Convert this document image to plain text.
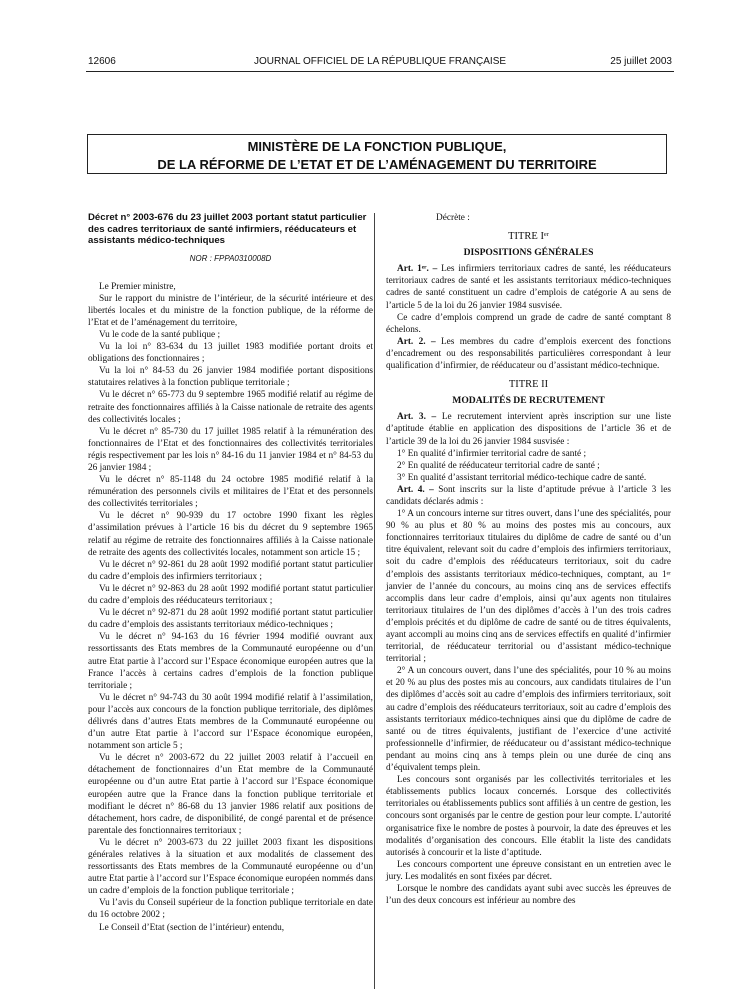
12606	JOURNAL OFFICIEL DE LA RÉPUBLIQUE FRANÇAISE	25 juillet 2003
MINISTÈRE DE LA FONCTION PUBLIQUE,
DE LA RÉFORME DE L’ETAT ET DE L’AMÉNAGEMENT DU TERRITOIRE

Décret n° 2003-676 du 23 juillet 2003 portant statut particulier des cadres territoriaux de santé infirmiers, rééducateurs et assistants médico-techniques

NOR : FPPA0310008D

Le Premier ministre,

Sur le rapport du ministre de l’intérieur, de la sécurité intérieure et des libertés locales et du ministre de la fonction publique, de la réforme de l’Etat et de l’aménagement du territoire,

Vu le code de la santé publique ;

Vu la loi n° 83-634 du 13 juillet 1983 modifiée portant droits et obligations des fonctionnaires ;

Vu la loi n° 84-53 du 26 janvier 1984 modifiée portant dispositions statutaires relatives à la fonction publique territoriale ;

Vu le décret n° 65-773 du 9 septembre 1965 modifié relatif au régime de retraite des fonctionnaires affiliés à la Caisse nationale de retraite des agents des collectivités locales ;

Vu le décret n° 85-730 du 17 juillet 1985 relatif à la rémunération des fonctionnaires de l’Etat et des fonctionnaires des collectivités territoriales régis respectivement par les lois n° 84-16 du 11 janvier 1984 et n° 84-53 du 26 janvier 1984 ;

Vu le décret n° 85-1148 du 24 octobre 1985 modifié relatif à la rémunération des personnels civils et militaires de l’Etat et des personnels des collectivités territoriales ;

Vu le décret n° 90-939 du 17 octobre 1990 fixant les règles d’assimilation prévues à l’article 16 bis du décret du 9 septembre 1965 relatif au régime de retraite des fonctionnaires affiliés à la Caisse nationale de retraite des agents des collectivités locales, notamment son article 15 ;

Vu le décret n° 92-861 du 28 août 1992 modifié portant statut particulier du cadre d’emplois des infirmiers territoriaux ;

Vu le décret n° 92-863 du 28 août 1992 modifié portant statut particulier du cadre d’emplois des rééducateurs territoriaux ;

Vu le décret n° 92-871 du 28 août 1992 modifié portant statut particulier du cadre d’emplois des assistants territoriaux médico-techniques ;

Vu le décret n° 94-163 du 16 février 1994 modifié ouvrant aux ressortissants des Etats membres de la Communauté européenne ou d’un autre Etat partie à l’accord sur l’Espace économique européen autres que la France l’accès à certains cadres d’emplois de la fonction publique territoriale ;

Vu le décret n° 94-743 du 30 août 1994 modifié relatif à l’assimilation, pour l’accès aux concours de la fonction publique territoriale, des diplômes délivrés dans d’autres Etats membres de la Communauté européenne ou d’un autre Etat partie à l’accord sur l’Espace économique européen, notamment son article 5 ;

Vu le décret n° 2003-672 du 22 juillet 2003 relatif à l’accueil en détachement de fonctionnaires d’un Etat membre de la Communauté européenne ou d’un autre Etat partie à l’accord sur l’Espace économique européen autre que la France dans la fonction publique territoriale et modifiant le décret n° 86-68 du 13 janvier 1986 relatif aux positions de détachement, hors cadre, de disponibilité, de congé parental et de présence parentale des fonctionnaires territoriaux ;

Vu le décret n° 2003-673 du 22 juillet 2003 fixant les dispositions générales relatives à la situation et aux modalités de classement des ressortissants des Etats membres de la Communauté européenne ou d’un autre Etat partie à l’accord sur l’Espace économique européen nommés dans un cadre d’emplois de la fonction publique territoriale ;

Vu l’avis du Conseil supérieur de la fonction publique territoriale en date du 16 octobre 2002 ;

Le Conseil d’Etat (section de l’intérieur) entendu,

Décrète :

TITRE Iᵉʳ

DISPOSITIONS GÉNÉRALES

Art. 1ᵉʳ. – Les infirmiers territoriaux cadres de santé, les rééducateurs territoriaux cadres de santé et les assistants territoriaux médico-techniques cadres de santé constituent un cadre d’emplois de catégorie A au sens de l’article 5 de la loi du 26 janvier 1984 susvisée.

Ce cadre d’emplois comprend un grade de cadre de santé comptant 8 échelons.

Art. 2. – Les membres du cadre d’emplois exercent des fonctions d’encadrement ou des responsabilités particulières correspondant à leur qualification d’infirmier, de rééducateur ou d’assistant médico-technique.

TITRE II

MODALITÉS DE RECRUTEMENT

Art. 3. – Le recrutement intervient après inscription sur une liste d’aptitude établie en application des dispositions de l’article 36 et de l’article 39 de la loi du 26 janvier 1984 susvisée :

1° En qualité d’infirmier territorial cadre de santé ;

2° En qualité de rééducateur territorial cadre de santé ;

3° En qualité d’assistant territorial médico-techique cadre de santé.

Art. 4. – Sont inscrits sur la liste d’aptitude prévue à l’article 3 les candidats déclarés admis :

1° A un concours interne sur titres ouvert, dans l’une des spécialités, pour 90 % au plus et 80 % au moins des postes mis au concours, aux fonctionnaires territoriaux titulaires du diplôme de cadre de santé ou d’un titre équivalent, relevant soit du cadre d’emplois des infirmiers territoriaux, soit du cadre d’emplois des rééducateurs territoriaux, soit du cadre d’emplois des assistants territoriaux médico-techniques, comptant, au 1ᵉʳ janvier de l’année du concours, au moins cinq ans de services effectifs accomplis dans leur cadre d’emplois, ainsi qu’aux agents non titulaires territoriaux titulaires de l’un des diplômes d’accès à l’un des trois cadres d’emplois précités et du diplôme de cadre de santé ou de titres équivalents, ayant accompli au moins cinq ans de services effectifs en qualité d’infirmier territorial, de rééducateur territorial ou d’assistant médico-technique territorial ;

2° A un concours ouvert, dans l’une des spécialités, pour 10 % au moins et 20 % au plus des postes mis au concours, aux candidats titulaires de l’un des diplômes d’accès soit au cadre d’emplois des infirmiers territoriaux, soit au cadre d’emplois des rééducateurs territoriaux, soit au cadre d’emplois des assistants territoriaux médico-techniques ainsi que du diplôme de cadre de santé ou de titres équivalents, justifiant de l’exercice d’une activité professionnelle d’infirmier, de rééducateur ou d’assistant médico-technique pendant au moins cinq ans à temps plein ou une durée de cinq ans d’équivalent temps plein.

Les concours sont organisés par les collectivités territoriales et les établissements publics locaux concernés. Lorsque des collectivités territoriales ou établissements publics sont affiliés à un centre de gestion, les concours sont organisés par le centre de gestion pour leur compte. L’autorité organisatrice fixe le nombre de postes à pourvoir, la date des épreuves et les modalités d’organisation des concours. Elle établit la liste des candidats autorisés à concourir et la liste d’aptitude.

Les concours comportent une épreuve consistant en un entretien avec le jury. Les modalités en sont fixées par décret.

Lorsque le nombre des candidats ayant subi avec succès les épreuves de l’un des deux concours est inférieur au nombre des
